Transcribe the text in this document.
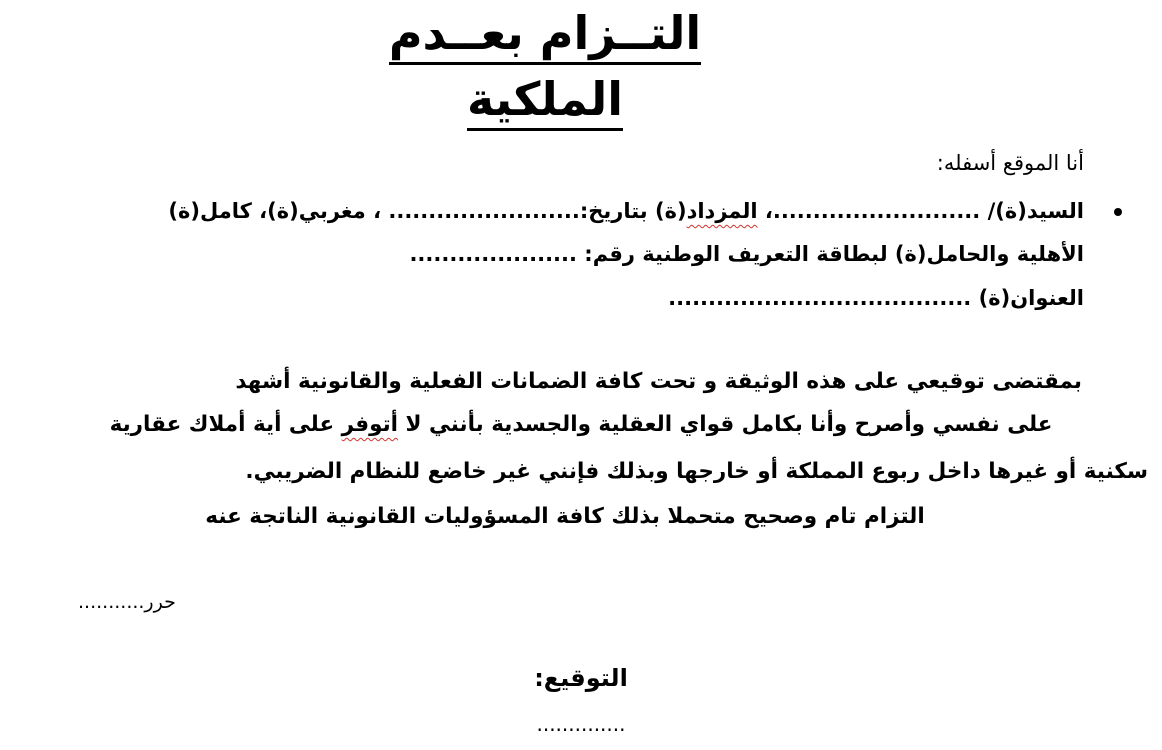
التــزام بعــدم الملكية
أنا الموقع أسفله:
السيد(ة)/ ..........................، المزداد(ة) بتاريخ:........................ ، مغربي(ة)، كامل(ة)
الأهلية والحامل(ة) لبطاقة التعريف الوطنية رقم: .....................
العنوان(ة) ......................................
بمقتضى توقيعي على هذه الوثيقة و تحت كافة الضمانات الفعلية والقانونية أشهد
على نفسي وأصرح وأنا بكامل قواي العقلية والجسدية بأنني لا أتوفر على أية أملاك عقارية
سكنية أو غيرها داخل ربوع المملكة أو خارجها وبذلك فإنني غير خاضع للنظام الضريبي.
التزام تام وصحيح متحملا بذلك كافة المسؤوليات القانونية الناتجة عنه
حرر...........
التوقيع:
..............
